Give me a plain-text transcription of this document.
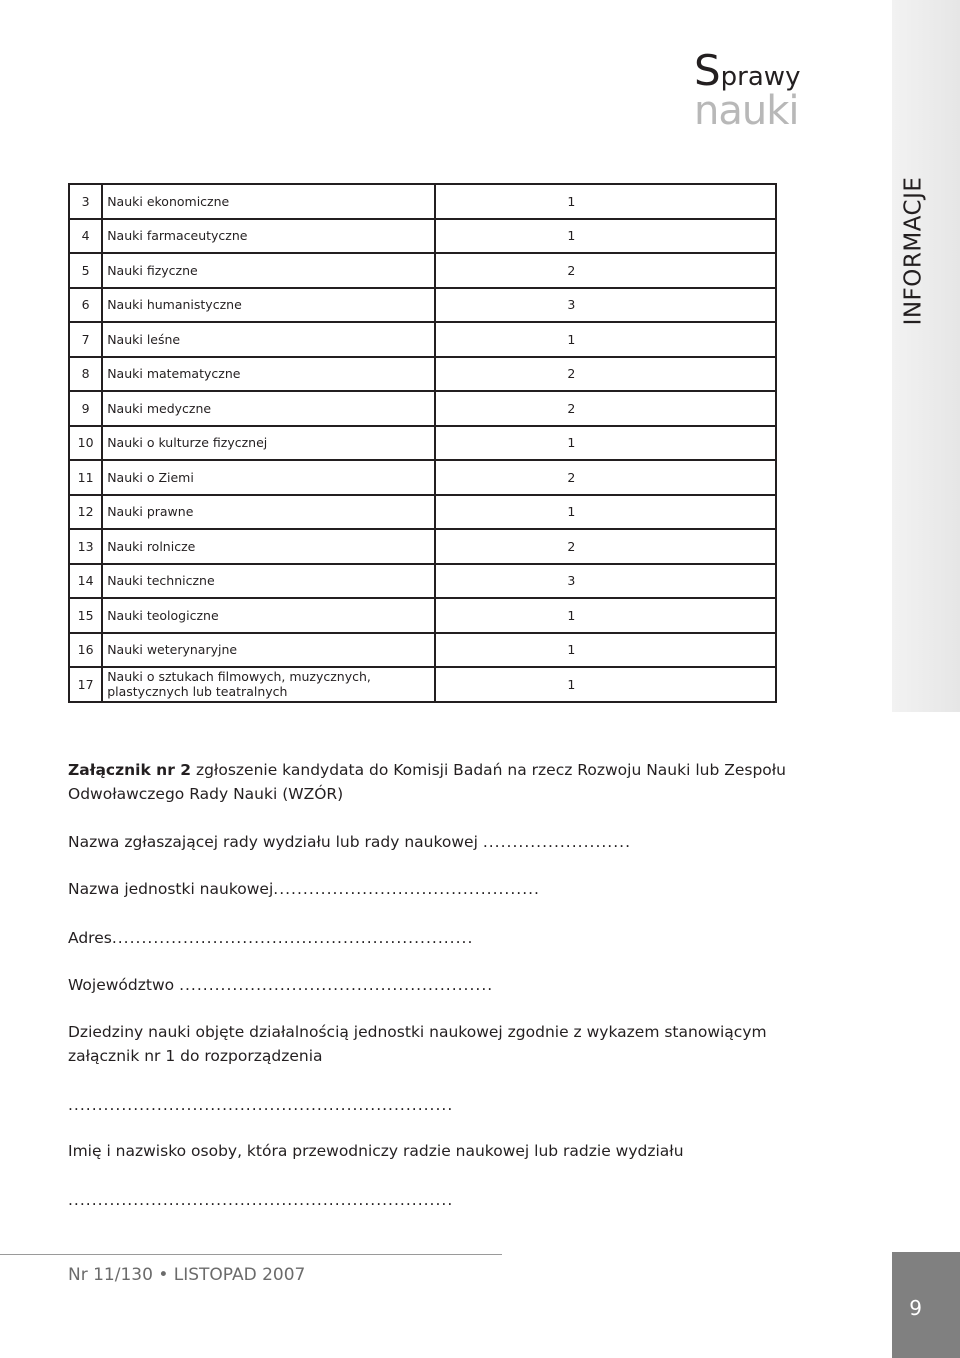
INFORMACJE
Sprawy
nauki
3	Nauki ekonomiczne	1
4	Nauki farmaceutyczne	1
5	Nauki fizyczne	2
6	Nauki humanistyczne	3
7	Nauki leśne	1
8	Nauki matematyczne	2
9	Nauki medyczne	2
10	Nauki o kulturze fizycznej	1
11	Nauki o Ziemi	2
12	Nauki prawne	1
13	Nauki rolnicze	2
14	Nauki techniczne	3
15	Nauki teologiczne	1
16	Nauki weterynaryjne	1
17	Nauki o sztukach filmowych, muzycznych, plastycznych lub teatralnych	1

Załącznik nr 2 zgłoszenie kandydata do Komisji Badań na rzecz Rozwoju Nauki lub Zespołu Odwoławczego Rady Nauki (WZÓR)

Nazwa zgłaszającej rady wydziału lub rady naukowej .........................
Nazwa jednostki naukowej.............................................
Adres.............................................................
Województwo .....................................................
Dziedziny nauki objęte działalnością jednostki naukowej zgodnie z wykazem stanowiącym załącznik nr 1 do rozporządzenia
.................................................................
Imię i nazwisko osoby, która przewodniczy radzie naukowej lub radzie wydziału
.................................................................
Nr 11/130 • LISTOPAD 2007
9
